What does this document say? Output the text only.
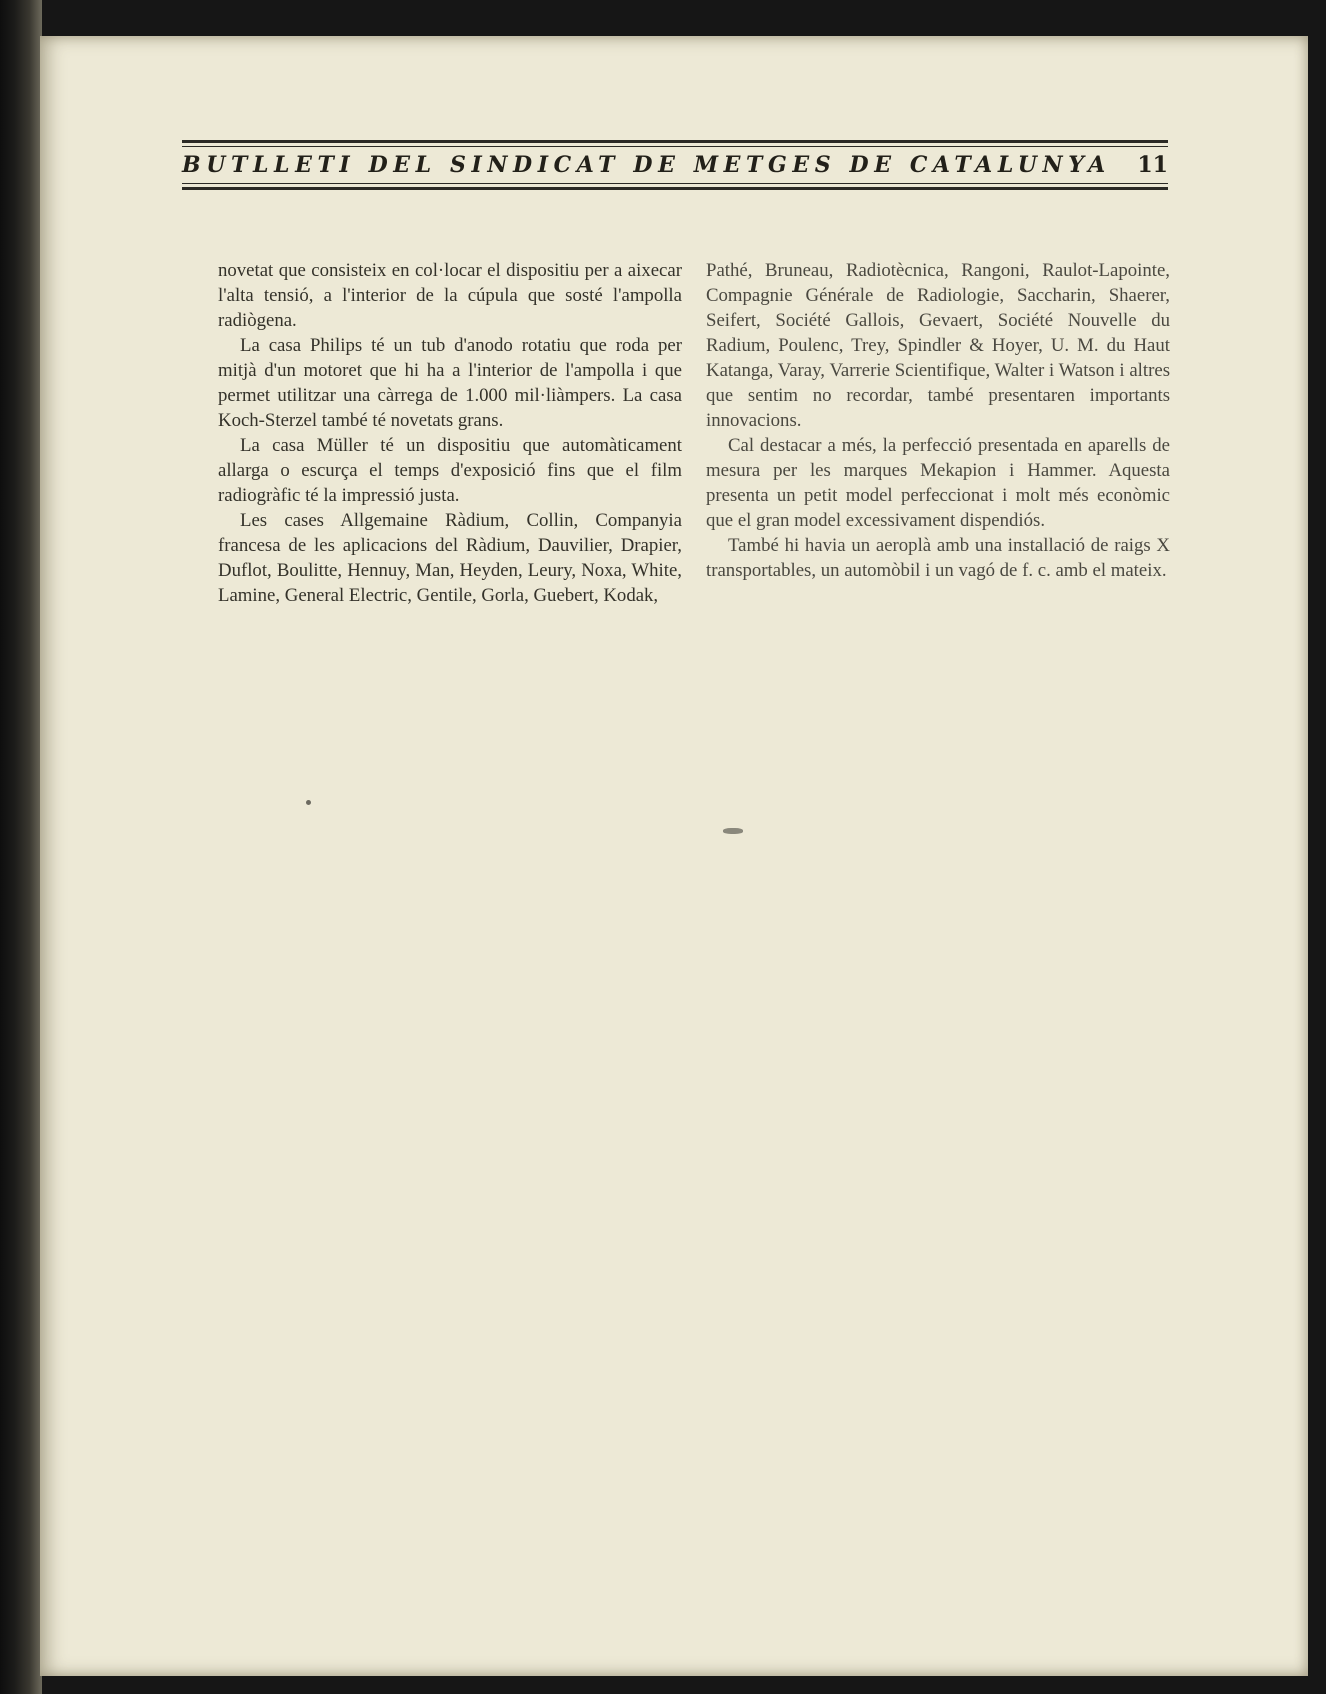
BUTLLETI DEL SINDICAT DE METGES DE CATALUNYA 11

novetat que consisteix en col·locar el dispositiu per a aixecar l'alta tensió, a l'interior de la cúpula que sosté l'ampolla radiògena.

La casa Philips té un tub d'anodo rotatiu que roda per mitjà d'un motoret que hi ha a l'interior de l'ampolla i que permet utilitzar una càrrega de 1.000 mil·liàmpers. La casa Koch-Sterzel també té novetats grans.

La casa Müller té un dispositiu que automàticament allarga o escurça el temps d'exposició fins que el film radiogràfic té la impressió justa.

Les cases Allgemaine Ràdium, Collin, Companyia francesa de les aplicacions del Ràdium, Dauvilier, Drapier, Duflot, Boulitte, Hennuy, Man, Heyden, Leury, Noxa, White, Lamine, General Electric, Gentile, Gorla, Guebert, Kodak,

Pathé, Bruneau, Radiotècnica, Rangoni, Raulot-Lapointe, Compagnie Générale de Radiologie, Saccharin, Shaerer, Seifert, Société Gallois, Gevaert, Société Nouvelle du Radium, Poulenc, Trey, Spindler & Hoyer, U. M. du Haut Katanga, Varay, Varrerie Scientifique, Walter i Watson i altres que sentim no recordar, també presentaren importants innovacions.

Cal destacar a més, la perfecció presentada en aparells de mesura per les marques Mekapion i Hammer. Aquesta presenta un petit model perfeccionat i molt més econòmic que el gran model excessivament dispendiós.

També hi havia un aeroplà amb una installació de raigs X transportables, un automòbil i un vagó de f. c. amb el mateix.
